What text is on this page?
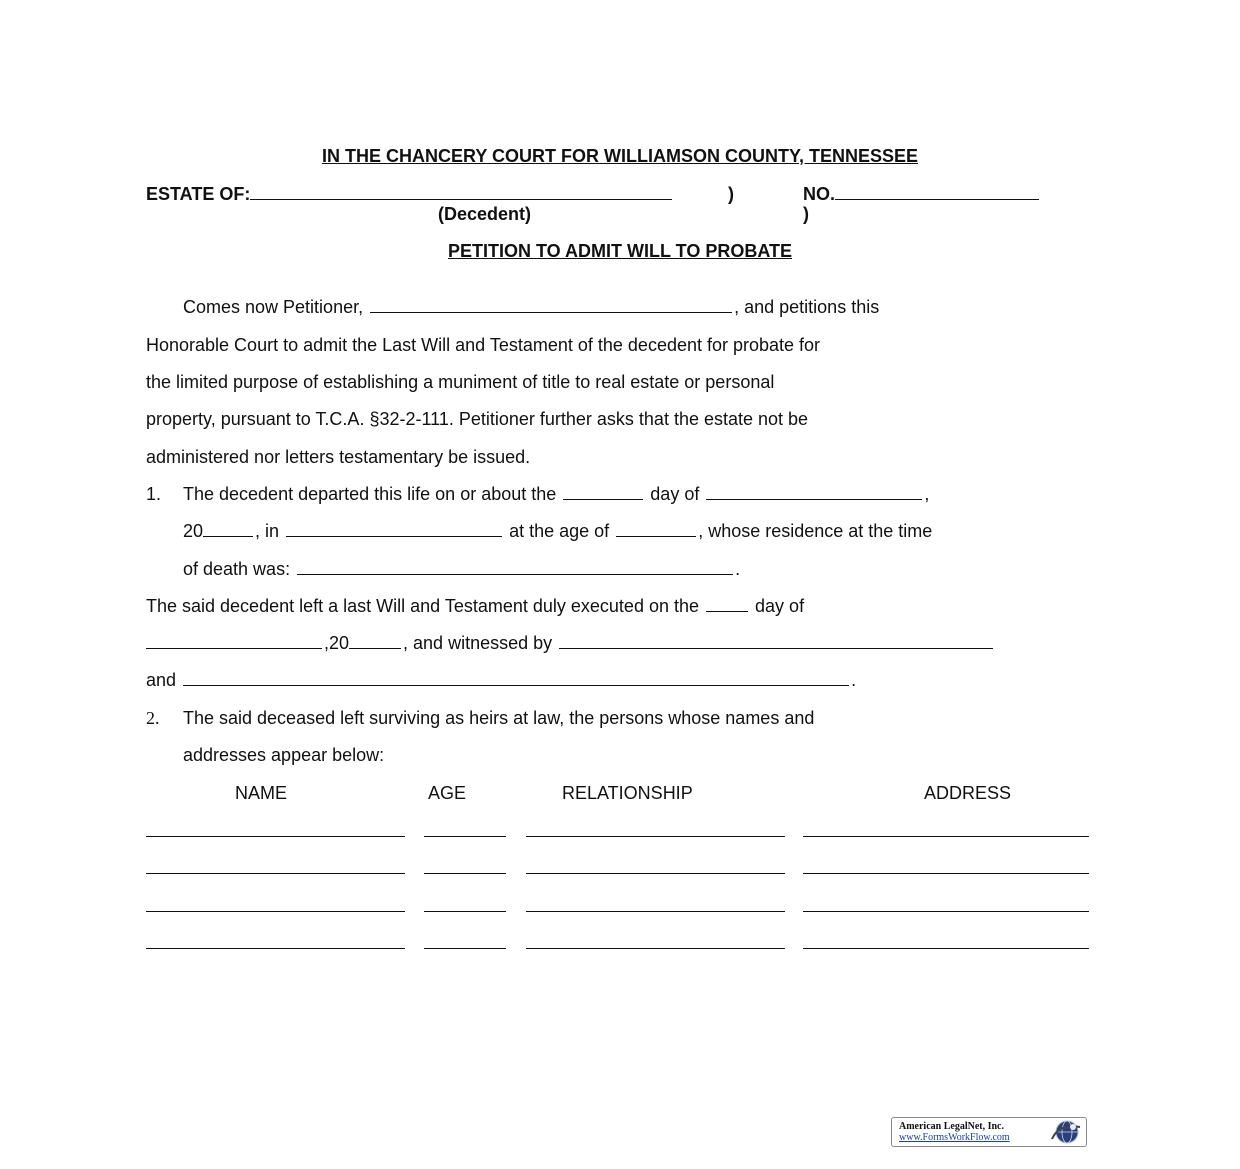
IN THE CHANCERY COURT FOR WILLIAMSON COUNTY, TENNESSEE
ESTATE OF:	)
(Decedent)
NO.
)
PETITION TO ADMIT WILL TO PROBATE
Comes now Petitioner,	, and petitions this
Honorable Court to admit the Last Will and Testament of the decedent for probate for
the limited purpose of establishing a muniment of title to real estate or personal
property, pursuant to T.C.A. §32-2-111. Petitioner further asks that the estate not be
administered nor letters testamentary be issued.
1. The decedent departed this life on or about the	day of	,
20	, in	at the age of	, whose residence at the time
of death was:	.
The said decedent left a last Will and Testament duly executed on the	day of
,20	, and witnessed by
and	.
2. The said deceased left surviving as heirs at law, the persons whose names and
addresses appear below:
NAME	AGE	RELATIONSHIP	ADDRESS
American LegalNet, Inc.
www.FormsWorkFlow.com
